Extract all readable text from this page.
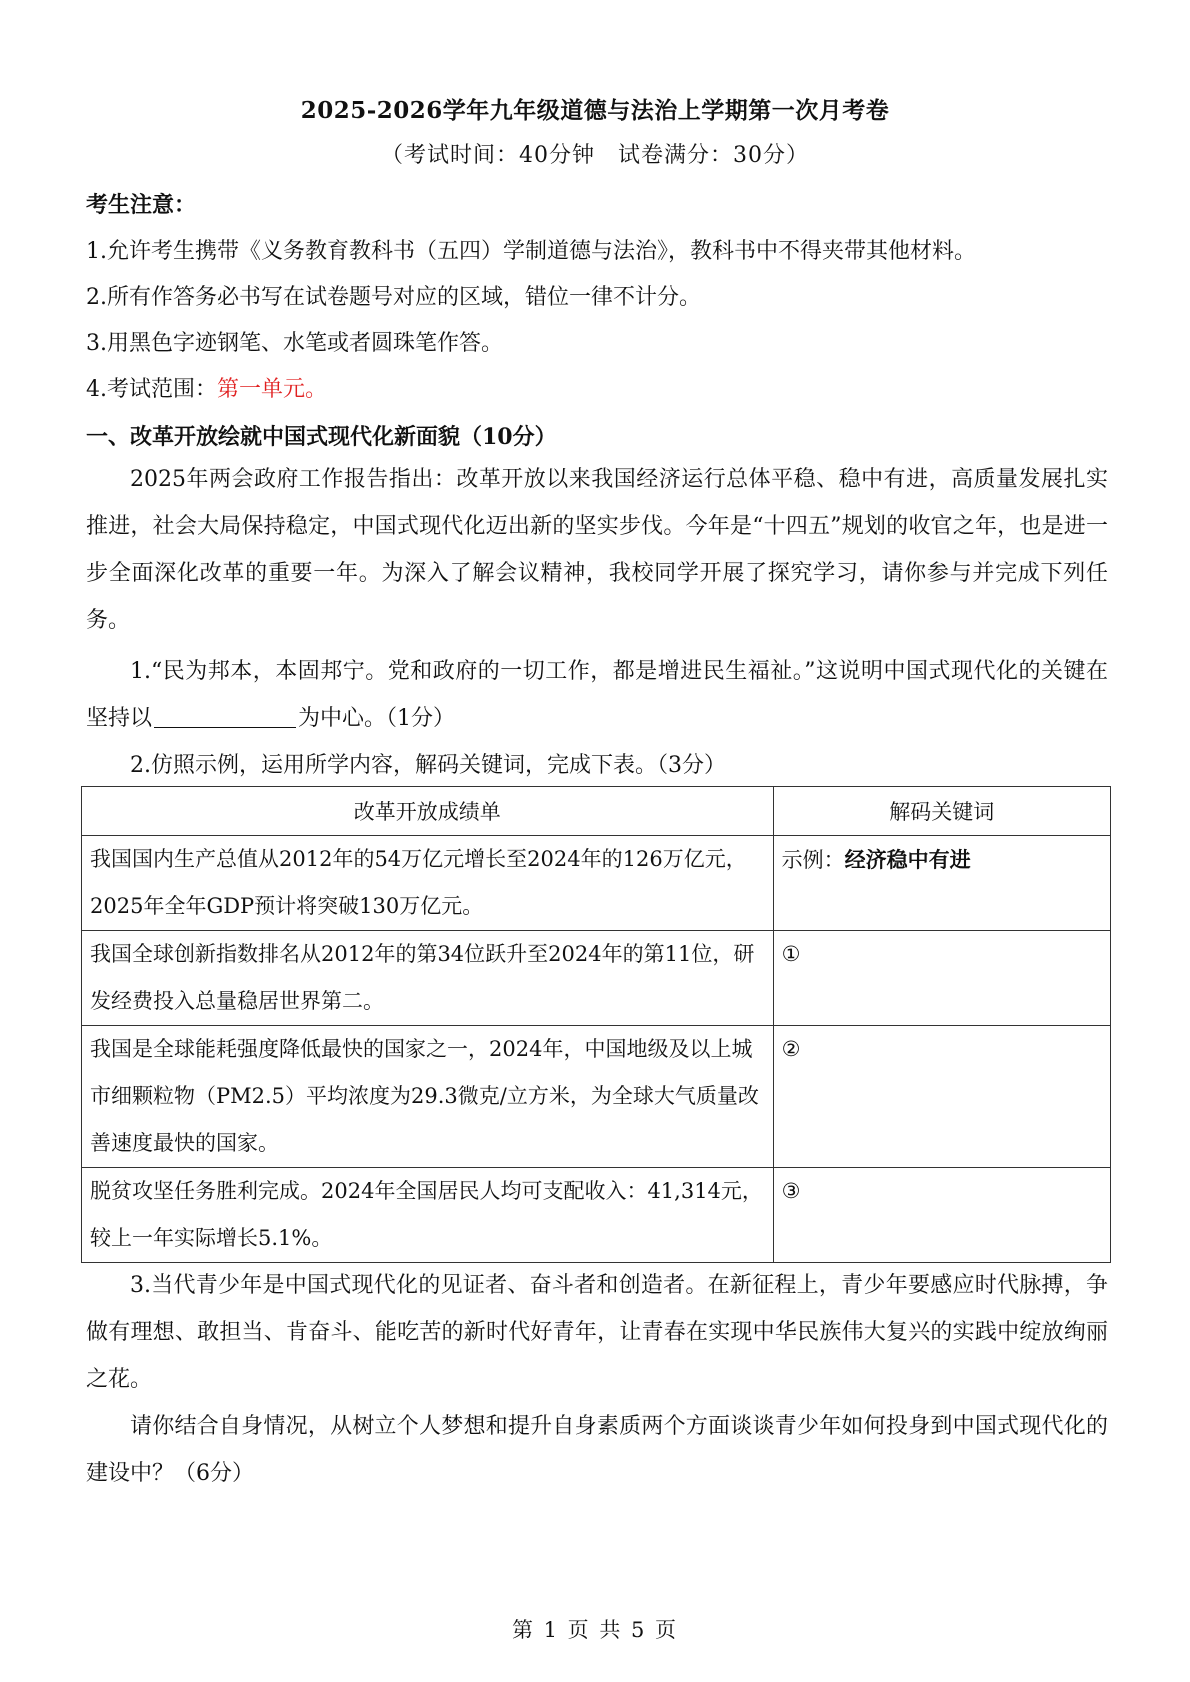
2025-2026学年九年级道德与法治上学期第一次月考卷
（考试时间：40分钟　试卷满分：30分）
考生注意：
1.允许考生携带《义务教育教科书（五四）学制道德与法治》，教科书中不得夹带其他材料。
2.所有作答务必书写在试卷题号对应的区域，错位一律不计分。
3.用黑色字迹钢笔、水笔或者圆珠笔作答。
4.考试范围：第一单元。
一、改革开放绘就中国式现代化新面貌（10分）
2025年两会政府工作报告指出：改革开放以来我国经济运行总体平稳、稳中有进，高质量发展扎实推进，社会大局保持稳定，中国式现代化迈出新的坚实步伐。今年是“十四五”规划的收官之年，也是进一步全面深化改革的重要一年。为深入了解会议精神，我校同学开展了探究学习，请你参与并完成下列任务。
1.“民为邦本，本固邦宁。党和政府的一切工作，都是增进民生福祉。”这说明中国式现代化的关键在坚持以	为中心。（1分）
2.仿照示例，运用所学内容，解码关键词，完成下表。（3分）
改革开放成绩单	解码关键词
我国国内生产总值从2012年的54万亿元增长至2024年的126万亿元，2025年全年GDP预计将突破130万亿元。	示例：经济稳中有进
我国全球创新指数排名从2012年的第34位跃升至2024年的第11位，研发经费投入总量稳居世界第二。	①
我国是全球能耗强度降低最快的国家之一，2024年，中国地级及以上城市细颗粒物（PM2.5）平均浓度为29.3微克/立方米，为全球大气质量改善速度最快的国家。	②
脱贫攻坚任务胜利完成。2024年全国居民人均可支配收入：41,314元，较上一年实际增长5.1%。	③
3.当代青少年是中国式现代化的见证者、奋斗者和创造者。在新征程上，青少年要感应时代脉搏，争做有理想、敢担当、肯奋斗、能吃苦的新时代好青年，让青春在实现中华民族伟大复兴的实践中绽放绚丽之花。
请你结合自身情况，从树立个人梦想和提升自身素质两个方面谈谈青少年如何投身到中国式现代化的建设中？（6分）
第 1 页 共 5 页
